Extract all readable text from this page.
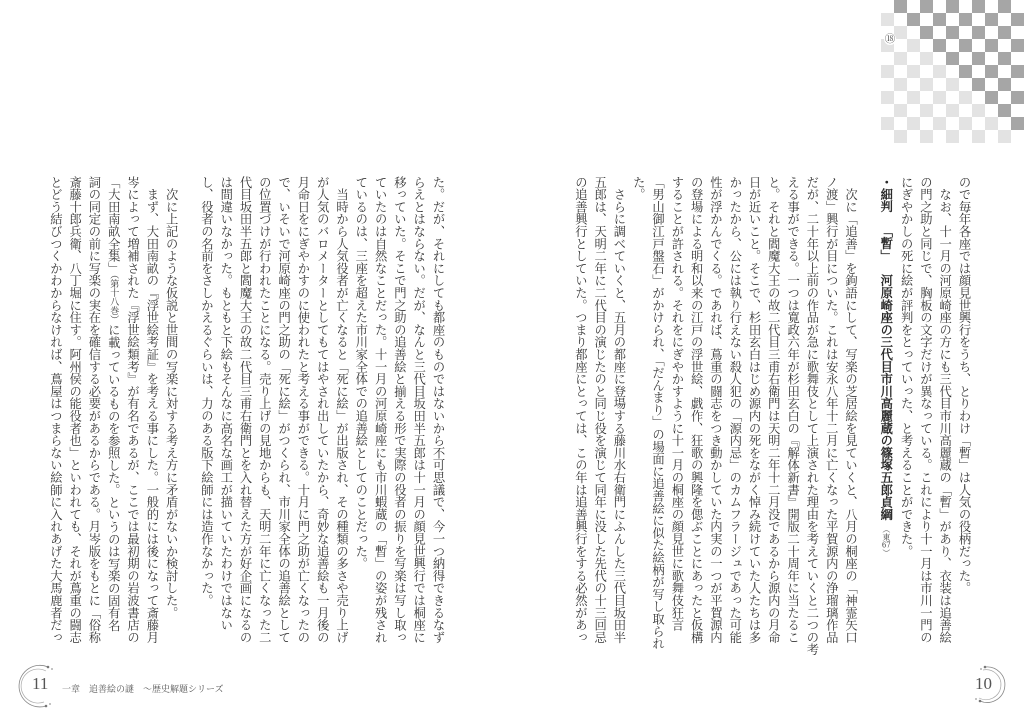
⑱
ので毎年各座では顔見世興行をうち、とりわけ「暫」は人気の役柄だった。
　なお、十一月の河原崎座の方にも三代目市川高麗蔵の「暫」があり、衣装は追善絵
の門之助と同じで、胸板の文字だけが異なっている。これにより十一月は市川一門の
にぎやかしの死に絵が評判をとっていった、と考えることができた。
・細判「暫」河原崎座の三代目市川高麗蔵の篠塚五郎貞綱（東67）
　次に「追善」を鉤語にして、写楽の芝居絵を見ていくと、八月の桐座の「神霊矢口
ノ渡」興行が目についた。これは安永八年十二月に亡くなった平賀源内の浄瑠璃作品
だが、二十年以上前の作品が急に歌舞伎として上演された理由を考えていくと二つの考
える事ができる。一つは寛政六年が杉田玄白の『解体新書』開版二十周年に当たるこ
と。それと閻魔大王の故二代目三甫右衛門は天明二年十二月没であるから源内の月命
日が近いこと。そこで、杉田玄白はじめ源内の死をながく悼み続けていた人たちは多
かったから、公には執り行えない殺人犯の「源内忌」のカムフラージュであった可能
性が浮かんでくる。であれば、蔦重の闘志をつき動かしていた内実の一つが平賀源内
の登場による明和以来の江戸の浮世絵、戯作、狂歌の興隆を偲ぶことにあったと仮構
することが許される。それをにぎやかすように十一月の桐座の顔見世に歌舞伎狂言
「男山御江戸盤石」がかけられ、「だんまり」の場面に追善絵に似た絵柄が写し取られ
た。
　さらに調べていくと、五月の都座に登場する藤川水右衛門にふんした三代目坂田半
五郎は、天明二年に二代目の演じたのと同じ役を演じて同年に没した先代の十三回忌
の追善興行としていた。つまり都座にとっては、この年は追善興行をする必然があっ
た。だが、それにしても都座のものではないから不可思議で、今一つ納得できるなず
らえとはならない。だが、なんと三代目坂田半五郎は十一月の顔見世興行では桐座に
移っていた。そこで門之助の追善絵と揃える形で実際の役者の振りを写楽は写し取っ
ていたのは自然なことだった。十一月の河原崎座にも市川蝦蔵の「暫」の姿が残され
ているのは、三座を超えた市川家全体での追善絵としてのことだった。
　当時から人気役者が亡くなると「死に絵」が出版され、その種類の多さや売り上げ
が人気のバロメーターとしてもてはやされ出していたから、奇妙な追善絵も一月後の
月命日をにぎやかすのに使われたと考える事ができる。十月に門之助が亡くなったの
で、いそいで河原崎座の門之助の「死に絵」がつくられ、市川家全体の追善絵として
の位置づけが行われたことになる。売り上げの見地からも、天明二年に亡くなった二
代目坂田半五郎と閻魔大王の故二代目三甫右衛門とを入れ替えた方が好企画になるの
は間違いなかった。もともと下絵もそんなに高名な画工が描いていたわけではない
し、役者の名前をさしかえるぐらいは、力のある版下絵師には造作なかった。
　次に上記のような仮説と世間の写楽に対する考え方に矛盾がないか検討した。
　まず、大田南畝の『浮世絵考証』を考える事にした。一般的には後になって斎藤月
岑によって増補された『浮世絵類考』が有名であるが、ここでは最初期の岩波書店の
「大田南畝全集」（第十八巻）に載っているものを参照した。というのは写楽の固有名
詞の同定の前に写楽の実在を確信する必要があるからである。月岑版をもとに「俗称
斎藤十郎兵衛、八丁堀に住す。阿州侯の能役者也」といわれても、それが蔦重の闘志
とどう結びつくかわからなければ、蔦屋はつまらない絵師に入れあげた大馬鹿者だっ
11 一章　追善絵の謎　〜歴史解題シリーズ	10
